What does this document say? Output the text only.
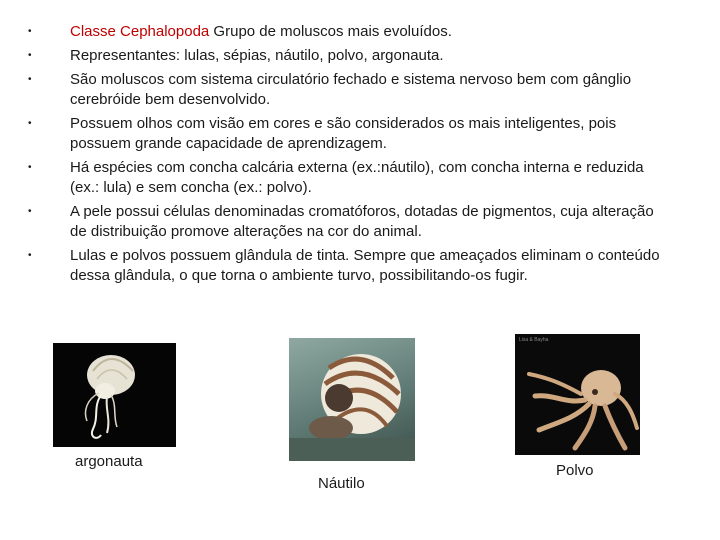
•	Classe Cephalopoda Grupo de moluscos mais evoluídos.
•	Representantes: lulas, sépias, náutilo, polvo, argonauta.
•	São moluscos com sistema circulatório fechado e sistema nervoso bem com gânglio cerebróide bem desenvolvido.
•	Possuem olhos com visão em cores e são considerados os mais inteligentes, pois possuem grande capacidade de aprendizagem.
•	Há espécies com concha calcária externa (ex.:náutilo), com concha interna e reduzida (ex.: lula) e sem concha (ex.: polvo).
•	A pele possui células denominadas cromatóforos, dotadas de pigmentos, cuja alteração de distribuição promove alterações na cor do animal.
•	Lulas e polvos possuem glândula de tinta. Sempre que ameaçados eliminam o conteúdo dessa glândula, o que torna o ambiente turvo, possibilitando-os fugir.
argonauta
Náutilo
Lisa & Bayha
Polvo
